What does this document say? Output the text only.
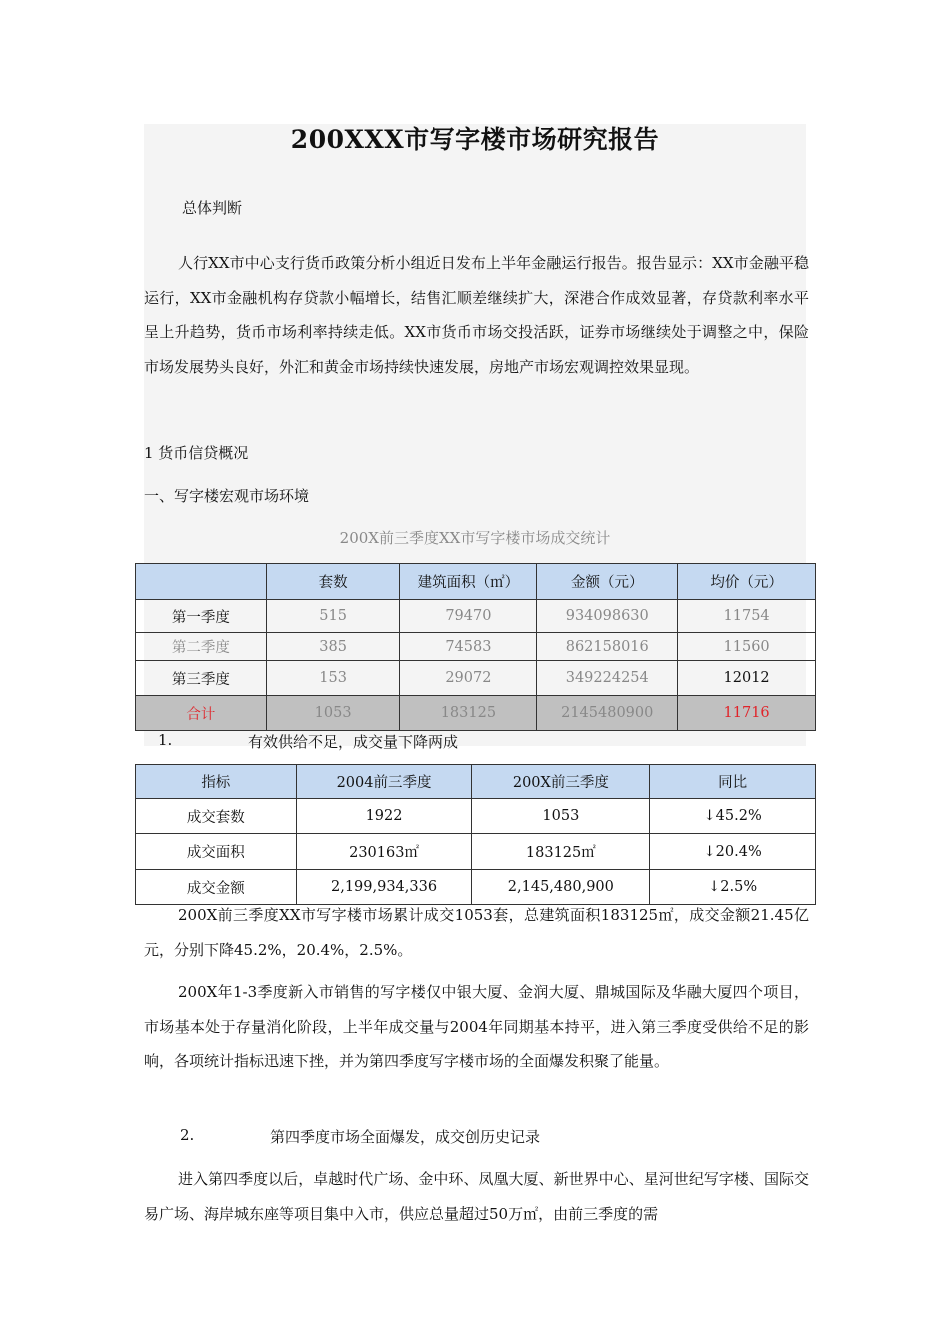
200XXX市写字楼市场研究报告
总体判断
人行XX市中心支行货币政策分析小组近日发布上半年金融运行报告。报告显示：XX市金融平稳运行，XX市金融机构存贷款小幅增长，结售汇顺差继续扩大，深港合作成效显著，存贷款利率水平呈上升趋势，货币市场利率持续走低。XX市货币市场交投活跃，证券市场继续处于调整之中，保险市场发展势头良好，外汇和黄金市场持续快速发展，房地产市场宏观调控效果显现。
1 货币信贷概况
一、写字楼宏观市场环境
200X前三季度XX市写字楼市场成交统计
	套数	建筑面积（㎡）	金额（元）	均价（元）
第一季度	515	79470	934098630	11754
第二季度	385	74583	862158016	11560
第三季度	153	29072	349224254	12012
合计	1053	183125	2145480900	11716
1.	有效供给不足，成交量下降两成
指标	2004前三季度	200X前三季度	同比
成交套数	1922	1053	↓45.2%
成交面积	230163㎡	183125㎡	↓20.4%
成交金额	2,199,934,336	2,145,480,900	↓2.5%
200X前三季度XX市写字楼市场累计成交1053套，总建筑面积183125㎡，成交金额21.45亿元，分别下降45.2%，20.4%，2.5%。
200X年1-3季度新入市销售的写字楼仅中银大厦、金润大厦、鼎城国际及华融大厦四个项目，市场基本处于存量消化阶段，上半年成交量与2004年同期基本持平，进入第三季度受供给不足的影响，各项统计指标迅速下挫，并为第四季度写字楼市场的全面爆发积聚了能量。
2.	第四季度市场全面爆发，成交创历史记录
进入第四季度以后，卓越时代广场、金中环、凤凰大厦、新世界中心、星河世纪写字楼、国际交易广场、海岸城东座等项目集中入市，供应总量超过50万㎡，由前三季度的需
